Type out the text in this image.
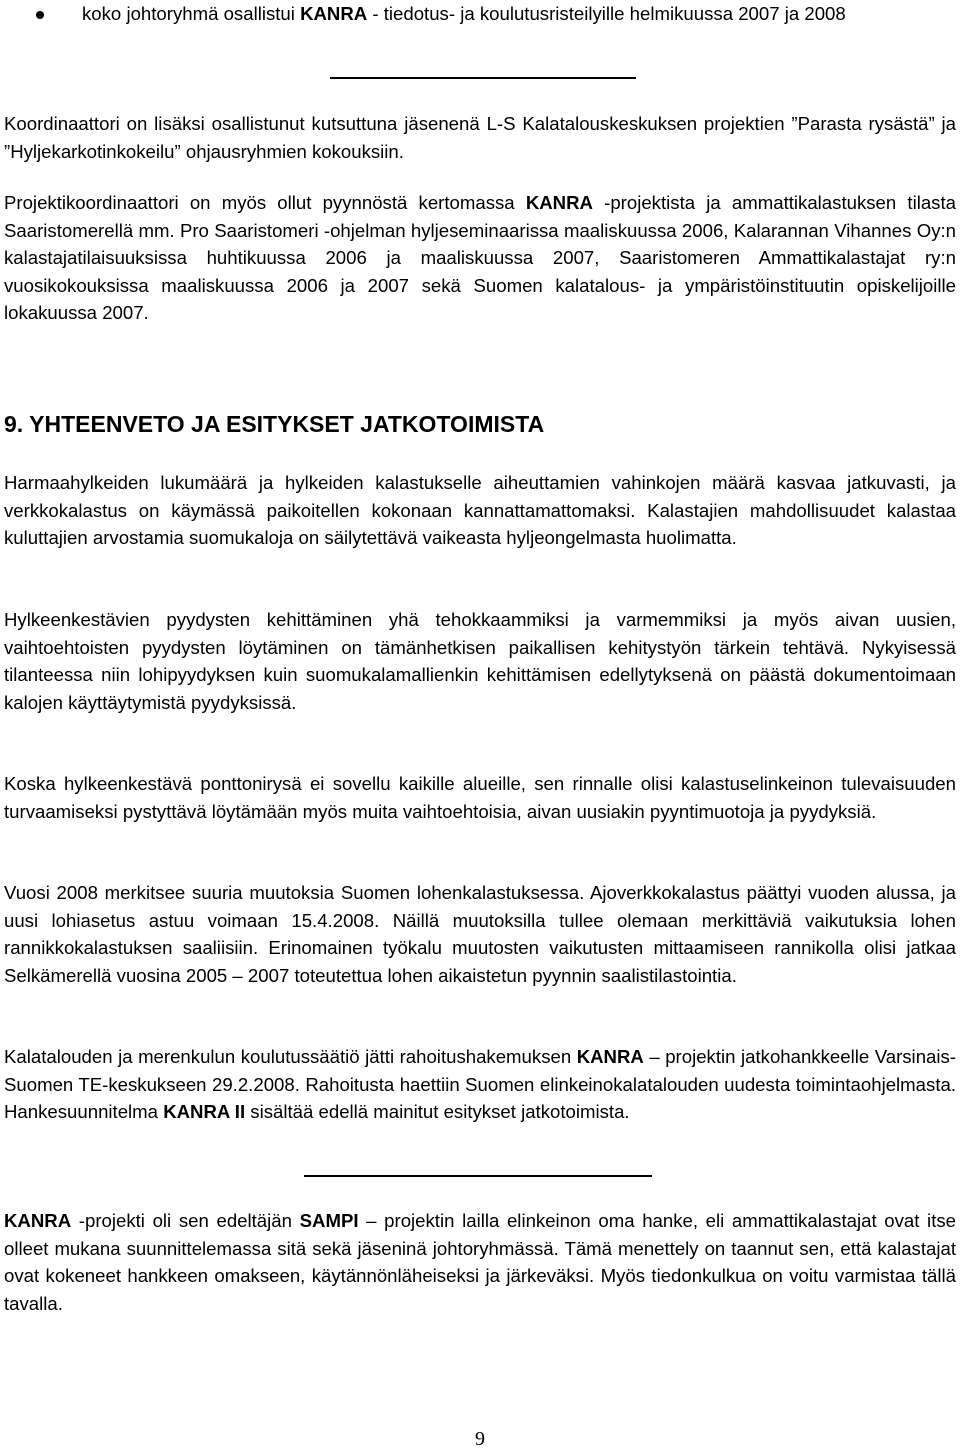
koko johtoryhmä osallistui KANRA - tiedotus- ja koulutusristeilyille helmikuussa 2007 ja 2008

Koordinaattori on lisäksi osallistunut kutsuttuna jäsenenä L-S Kalatalouskeskuksen projektien ”Parasta rysästä” ja ”Hyljekarkotinkokeilu” ohjausryhmien kokouksiin.

Projektikoordinaattori on myös ollut pyynnöstä kertomassa KANRA -projektista ja ammattikalastuksen tilasta Saaristomerellä mm. Pro Saaristomeri -ohjelman hyljeseminaarissa maaliskuussa 2006, Kalarannan Vihannes Oy:n kalastajatilaisuuksissa huhtikuussa 2006 ja maaliskuussa 2007, Saaristomeren Ammattikalastajat ry:n vuosikokouksissa maaliskuussa 2006 ja 2007 sekä Suomen kalatalous- ja ympäristöinstituutin opiskelijoille lokakuussa 2007.

9. YHTEENVETO JA ESITYKSET JATKOTOIMISTA

Harmaahylkeiden lukumäärä ja hylkeiden kalastukselle aiheuttamien vahinkojen määrä kasvaa jatkuvasti, ja verkkokalastus on käymässä paikoitellen kokonaan kannattamattomaksi. Kalastajien mahdollisuudet kalastaa kuluttajien arvostamia suomukaloja on säilytettävä vaikeasta hyljeongelmasta huolimatta.

Hylkeenkestävien pyydysten kehittäminen yhä tehokkaammiksi ja varmemmiksi ja myös aivan uusien, vaihtoehtoisten pyydysten löytäminen on tämänhetkisen paikallisen kehitystyön tärkein tehtävä. Nykyisessä tilanteessa niin lohipyydyksen kuin suomukalamallienkin kehittämisen edellytyksenä on päästä dokumentoimaan kalojen käyttäytymistä pyydyksissä.

Koska hylkeenkestävä ponttonirysä ei sovellu kaikille alueille, sen rinnalle olisi kalastuselinkeinon tulevaisuuden turvaamiseksi pystyttävä löytämään myös muita vaihtoehtoisia, aivan uusiakin pyyntimuotoja ja pyydyksiä.

Vuosi 2008 merkitsee suuria muutoksia Suomen lohenkalastuksessa. Ajoverkkokalastus päättyi vuoden alussa, ja uusi lohiasetus astuu voimaan 15.4.2008. Näillä muutoksilla tullee olemaan merkittäviä vaikutuksia lohen rannikkokalastuksen saaliisiin. Erinomainen työkalu muutosten vaikutusten mittaamiseen rannikolla olisi jatkaa Selkämerellä vuosina 2005 – 2007 toteutettua lohen aikaistetun pyynnin saalistilastointia.

Kalatalouden ja merenkulun koulutussäätiö jätti rahoitushakemuksen KANRA – projektin jatkohankkeelle Varsinais-Suomen TE-keskukseen 29.2.2008. Rahoitusta haettiin Suomen elinkeinokalatalouden uudesta toimintaohjelmasta. Hankesuunnitelma KANRA II sisältää edellä mainitut esitykset jatkotoimista.

KANRA -projekti oli sen edeltäjän SAMPI – projektin lailla elinkeinon oma hanke, eli ammattikalastajat ovat itse olleet mukana suunnittelemassa sitä sekä jäseninä johtoryhmässä. Tämä menettely on taannut sen, että kalastajat ovat kokeneet hankkeen omakseen, käytännönläheiseksi ja järkeväksi. Myös tiedonkulkua on voitu varmistaa tällä tavalla.

9
